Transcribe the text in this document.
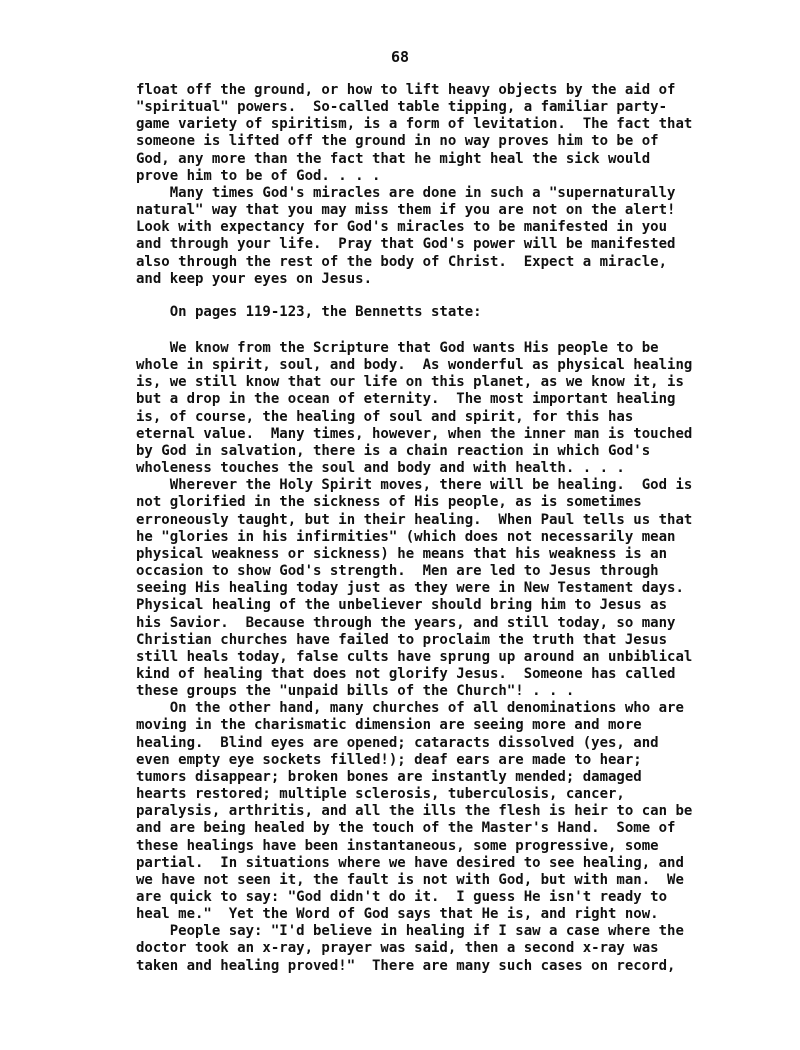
68

float off the ground, or how to lift heavy objects by the aid of
"spiritual" powers.  So-called table tipping, a familiar party-
game variety of spiritism, is a form of levitation.  The fact that
someone is lifted off the ground in no way proves him to be of
God, any more than the fact that he might heal the sick would
prove him to be of God. . . .
Many times God's miracles are done in such a "supernaturally
natural" way that you may miss them if you are not on the alert!
Look with expectancy for God's miracles to be manifested in you
and through your life.  Pray that God's power will be manifested
also through the rest of the body of Christ.  Expect a miracle,
and keep your eyes on Jesus.

On pages 119-123, the Bennetts state:

We know from the Scripture that God wants His people to be
whole in spirit, soul, and body.  As wonderful as physical healing
is, we still know that our life on this planet, as we know it, is
but a drop in the ocean of eternity.  The most important healing
is, of course, the healing of soul and spirit, for this has
eternal value.  Many times, however, when the inner man is touched
by God in salvation, there is a chain reaction in which God's
wholeness touches the soul and body and with health. . . .
Wherever the Holy Spirit moves, there will be healing.  God is
not glorified in the sickness of His people, as is sometimes
erroneously taught, but in their healing.  When Paul tells us that
he "glories in his infirmities" (which does not necessarily mean
physical weakness or sickness) he means that his weakness is an
occasion to show God's strength.  Men are led to Jesus through
seeing His healing today just as they were in New Testament days.
Physical healing of the unbeliever should bring him to Jesus as
his Savior.  Because through the years, and still today, so many
Christian churches have failed to proclaim the truth that Jesus
still heals today, false cults have sprung up around an unbiblical
kind of healing that does not glorify Jesus.  Someone has called
these groups the "unpaid bills of the Church"! . . .
On the other hand, many churches of all denominations who are
moving in the charismatic dimension are seeing more and more
healing.  Blind eyes are opened; cataracts dissolved (yes, and
even empty eye sockets filled!); deaf ears are made to hear;
tumors disappear; broken bones are instantly mended; damaged
hearts restored; multiple sclerosis, tuberculosis, cancer,
paralysis, arthritis, and all the ills the flesh is heir to can be
and are being healed by the touch of the Master's Hand.  Some of
these healings have been instantaneous, some progressive, some
partial.  In situations where we have desired to see healing, and
we have not seen it, the fault is not with God, but with man.  We
are quick to say: "God didn't do it.  I guess He isn't ready to
heal me."  Yet the Word of God says that He is, and right now.
People say: "I'd believe in healing if I saw a case where the
doctor took an x-ray, prayer was said, then a second x-ray was
taken and healing proved!"  There are many such cases on record,
